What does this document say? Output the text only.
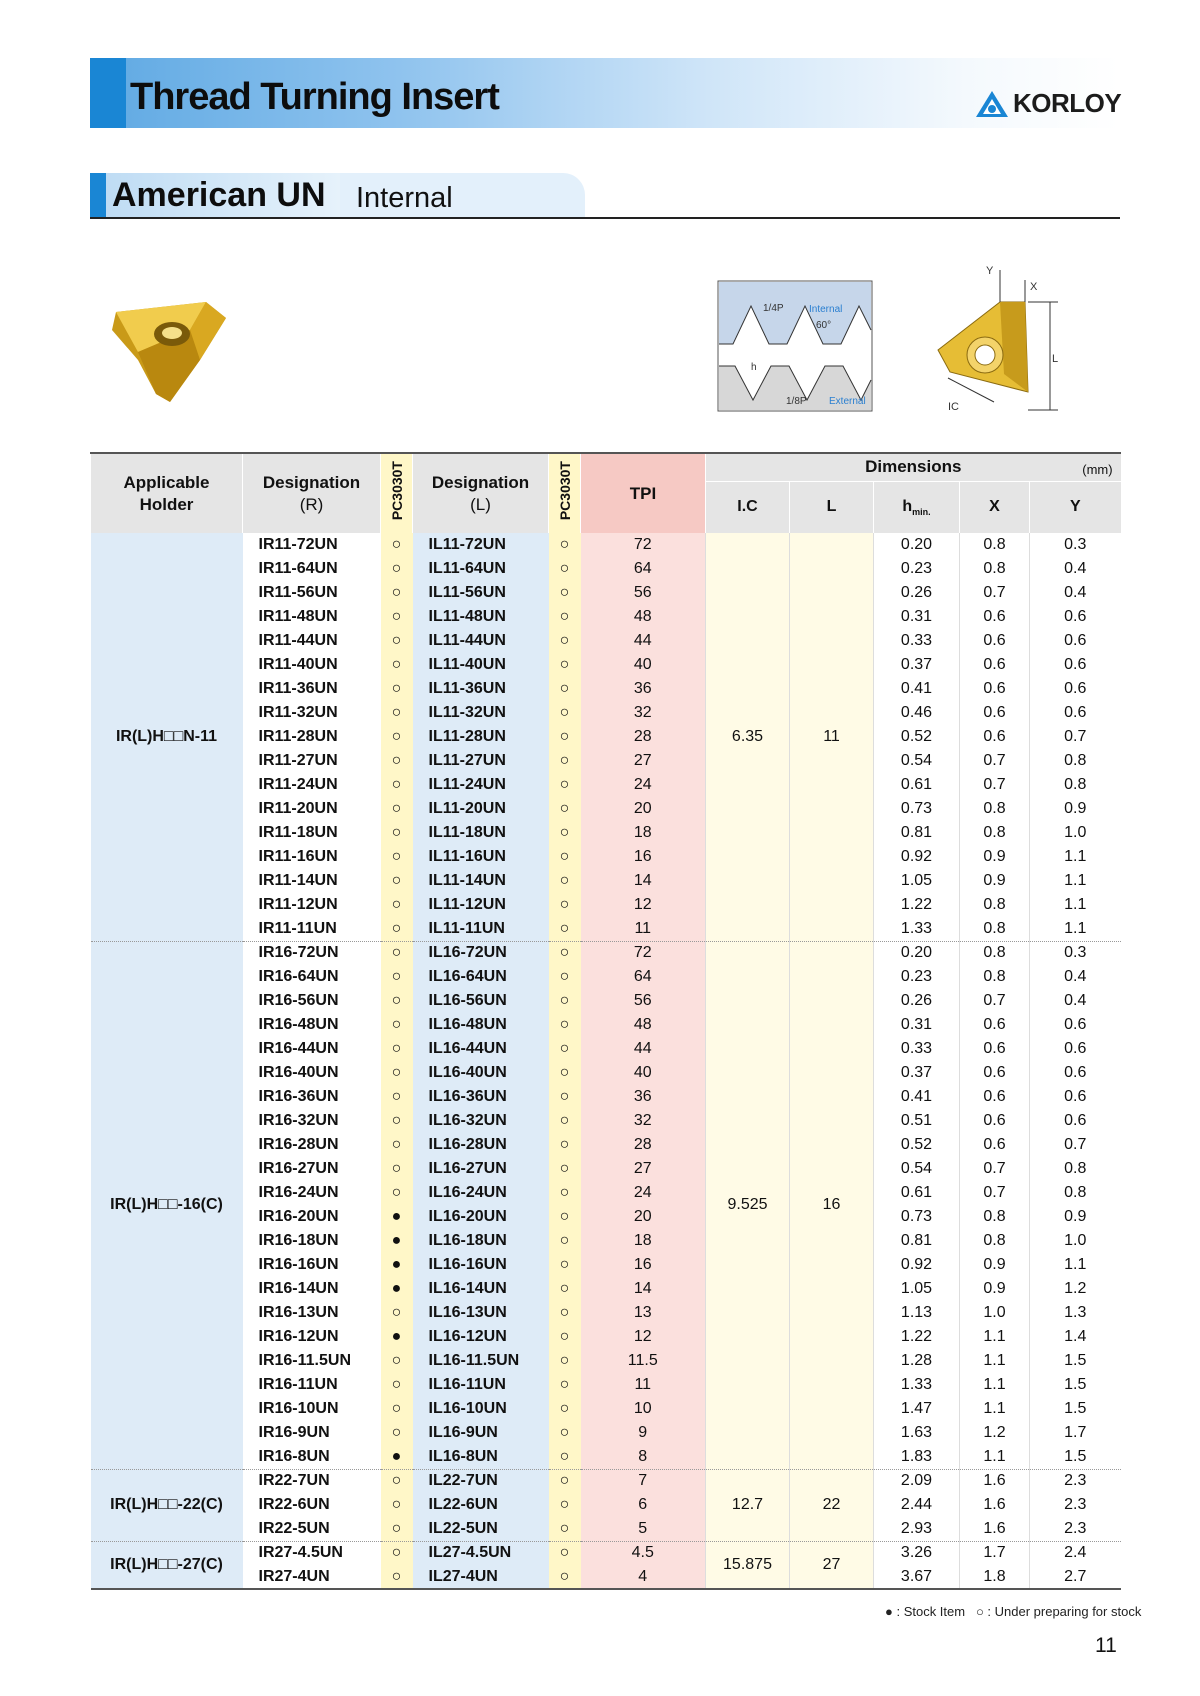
Thread Turning Insert	KORLOY
American UN Internal
1/4P	Internal
60°
h
1/8P External
Y
X
L
IC
Applicable Holder	Designation
(R)	PC3030T	Designation
(L)	PC3030T	TPI	Dimensions (mm)				

						I.C	L	$h_{min.}$	X	Y
IR(L)H□□N-11	IR11-72UN	○	IL11-72UN	○	72	6.35	11	0.20	0.8	0.3
	IR11-64UN	○	IL11-64UN	○	64			0.23	0.8	0.4
	IR11-56UN	○	IL11-56UN	○	56			0.26	0.7	0.4
	IR11-48UN	○	IL11-48UN	○	48			0.31	0.6	0.6
	IR11-44UN	○	IL11-44UN	○	44			0.33	0.6	0.6
	IR11-40UN	○	IL11-40UN	○	40			0.37	0.6	0.6
	IR11-36UN	○	IL11-36UN	○	36			0.41	0.6	0.6
	IR11-32UN	○	IL11-32UN	○	32			0.46	0.6	0.6
	IR11-28UN	○	IL11-28UN	○	28			0.52	0.6	0.7
	IR11-27UN	○	IL11-27UN	○	27			0.54	0.7	0.8
	IR11-24UN	○	IL11-24UN	○	24			0.61	0.7	0.8
	IR11-20UN	○	IL11-20UN	○	20			0.73	0.8	0.9
	IR11-18UN	○	IL11-18UN	○	18			0.81	0.8	1.0
	IR11-16UN	○	IL11-16UN	○	16			0.92	0.9	1.1
	IR11-14UN	○	IL11-14UN	○	14			1.05	0.9	1.1
	IR11-12UN	○	IL11-12UN	○	12			1.22	0.8	1.1
	IR11-11UN	○	IL11-11UN	○	11			1.33	0.8	1.1
IR(L)H□□-16(C)	IR16-72UN	○	IL16-72UN	○	72	9.525	16	0.20	0.8	0.3
	IR16-64UN	○	IL16-64UN	○	64			0.23	0.8	0.4
	IR16-56UN	○	IL16-56UN	○	56			0.26	0.7	0.4
	IR16-48UN	○	IL16-48UN	○	48			0.31	0.6	0.6
	IR16-44UN	○	IL16-44UN	○	44			0.33	0.6	0.6
	IR16-40UN	○	IL16-40UN	○	40			0.37	0.6	0.6
	IR16-36UN	○	IL16-36UN	○	36			0.41	0.6	0.6
	IR16-32UN	○	IL16-32UN	○	32			0.51	0.6	0.6
	IR16-28UN	○	IL16-28UN	○	28			0.52	0.6	0.7
	IR16-27UN	○	IL16-27UN	○	27			0.54	0.7	0.8
	IR16-24UN	○	IL16-24UN	○	24			0.61	0.7	0.8
	IR16-20UN	●	IL16-20UN	○	20			0.73	0.8	0.9
	IR16-18UN	●	IL16-18UN	○	18			0.81	0.8	1.0
	IR16-16UN	●	IL16-16UN	○	16			0.92	0.9	1.1
	IR16-14UN	●	IL16-14UN	○	14			1.05	0.9	1.2
	IR16-13UN	○	IL16-13UN	○	13			1.13	1.0	1.3
	IR16-12UN	●	IL16-12UN	○	12			1.22	1.1	1.4
	IR16-11.5UN	○	IL16-11.5UN	○	11.5			1.28	1.1	1.5
	IR16-11UN	○	IL16-11UN	○	11			1.33	1.1	1.5
	IR16-10UN	○	IL16-10UN	○	10			1.47	1.1	1.5
	IR16-9UN	○	IL16-9UN	○	9			1.63	1.2	1.7
	IR16-8UN	●	IL16-8UN	○	8			1.83	1.1	1.5
IR(L)H□□-22(C)	IR22-7UN	○	IL22-7UN	○	7	12.7	22	2.09	1.6	2.3
	IR22-6UN	○	IL22-6UN	○	6			2.44	1.6	2.3
	IR22-5UN	○	IL22-5UN	○	5			2.93	1.6	2.3
IR(L)H□□-27(C)	IR27-4.5UN	○	IL27-4.5UN	○	4.5	15.875	27	3.26	1.7	2.4
	IR27-4UN	○	IL27-4UN	○	4			3.67	1.8	2.7
● : Stock Item ○ : Under preparing for stock
11
